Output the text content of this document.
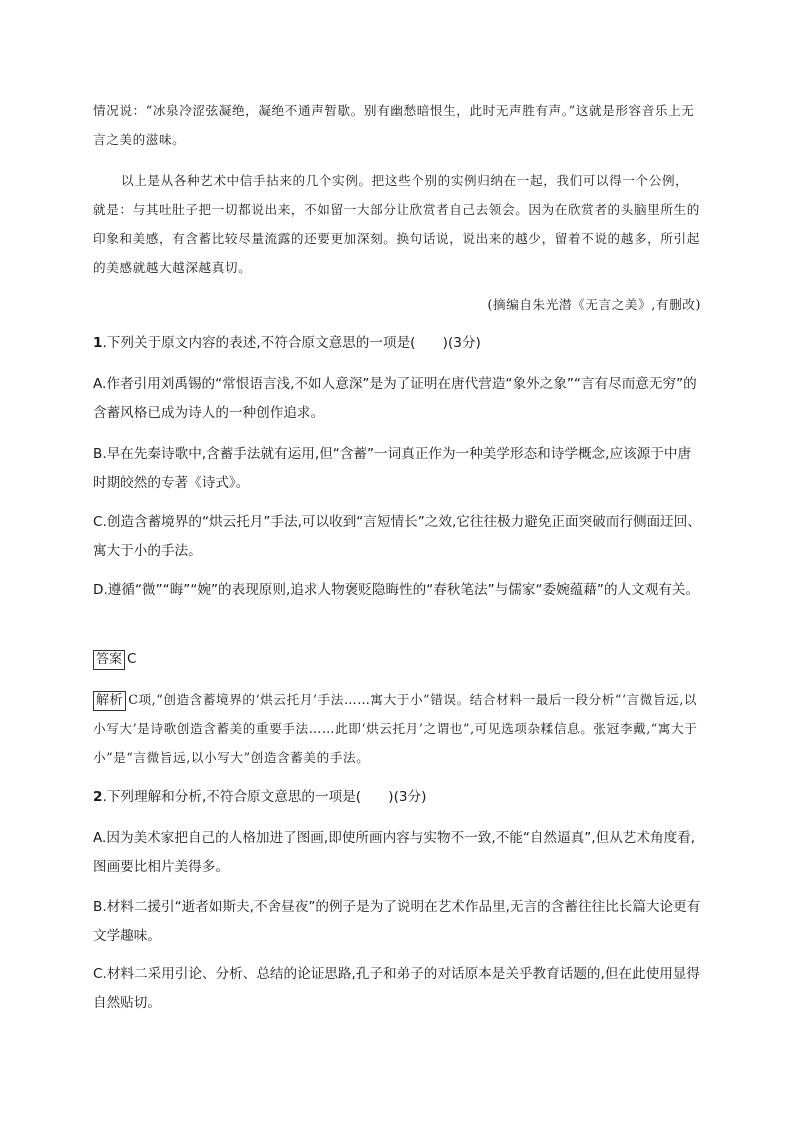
情况说：“冰泉冷涩弦凝绝，凝绝不通声暂歇。别有幽愁暗恨生，此时无声胜有声。”这就是形容音乐上无言之美的滋味。

以上是从各种艺术中信手拈来的几个实例。把这些个别的实例归纳在一起，我们可以得一个公例，就是：与其吐肚子把一切都说出来，不如留一大部分让欣赏者自己去领会。因为在欣赏者的头脑里所生的印象和美感，有含蓄比较尽量流露的还要更加深刻。换句话说，说出来的越少，留着不说的越多，所引起的美感就越大越深越真切。

(摘编自朱光潜《无言之美》,有删改)

1.下列关于原文内容的表述,不符合原文意思的一项是(　　)(3分)

A.作者引用刘禹锡的“常恨语言浅,不如人意深”是为了证明在唐代营造“象外之象”“言有尽而意无穷”的含蓄风格已成为诗人的一种创作追求。

B.早在先秦诗歌中,含蓄手法就有运用,但“含蓄”一词真正作为一种美学形态和诗学概念,应该源于中唐时期皎然的专著《诗式》。

C.创造含蓄境界的“烘云托月”手法,可以收到“言短情长”之效,它往往极力避免正面突破而行侧面迂回、寓大于小的手法。

D.遵循“微”“晦”“婉”的表现原则,追求人物褒贬隐晦性的“春秋笔法”与儒家“委婉蕴藉”的人文观有关。

答案 C

解析 C项,“创造含蓄境界的‘烘云托月’手法……寓大于小”错误。结合材料一最后一段分析“‘言微旨远,以小写大’是诗歌创造含蓄美的重要手法……此即‘烘云托月’之谓也”,可见选项杂糅信息。张冠李戴,“寓大于小”是“言微旨远,以小写大”创造含蓄美的手法。

2.下列理解和分析,不符合原文意思的一项是(　　)(3分)

A.因为美术家把自己的人格加进了图画,即使所画内容与实物不一致,不能“自然逼真”,但从艺术角度看,图画要比相片美得多。

B.材料二援引“逝者如斯夫,不舍昼夜”的例子是为了说明在艺术作品里,无言的含蓄往往比长篇大论更有文学趣味。

C.材料二采用引论、分析、总结的论证思路,孔子和弟子的对话原本是关乎教育话题的,但在此使用显得自然贴切。
